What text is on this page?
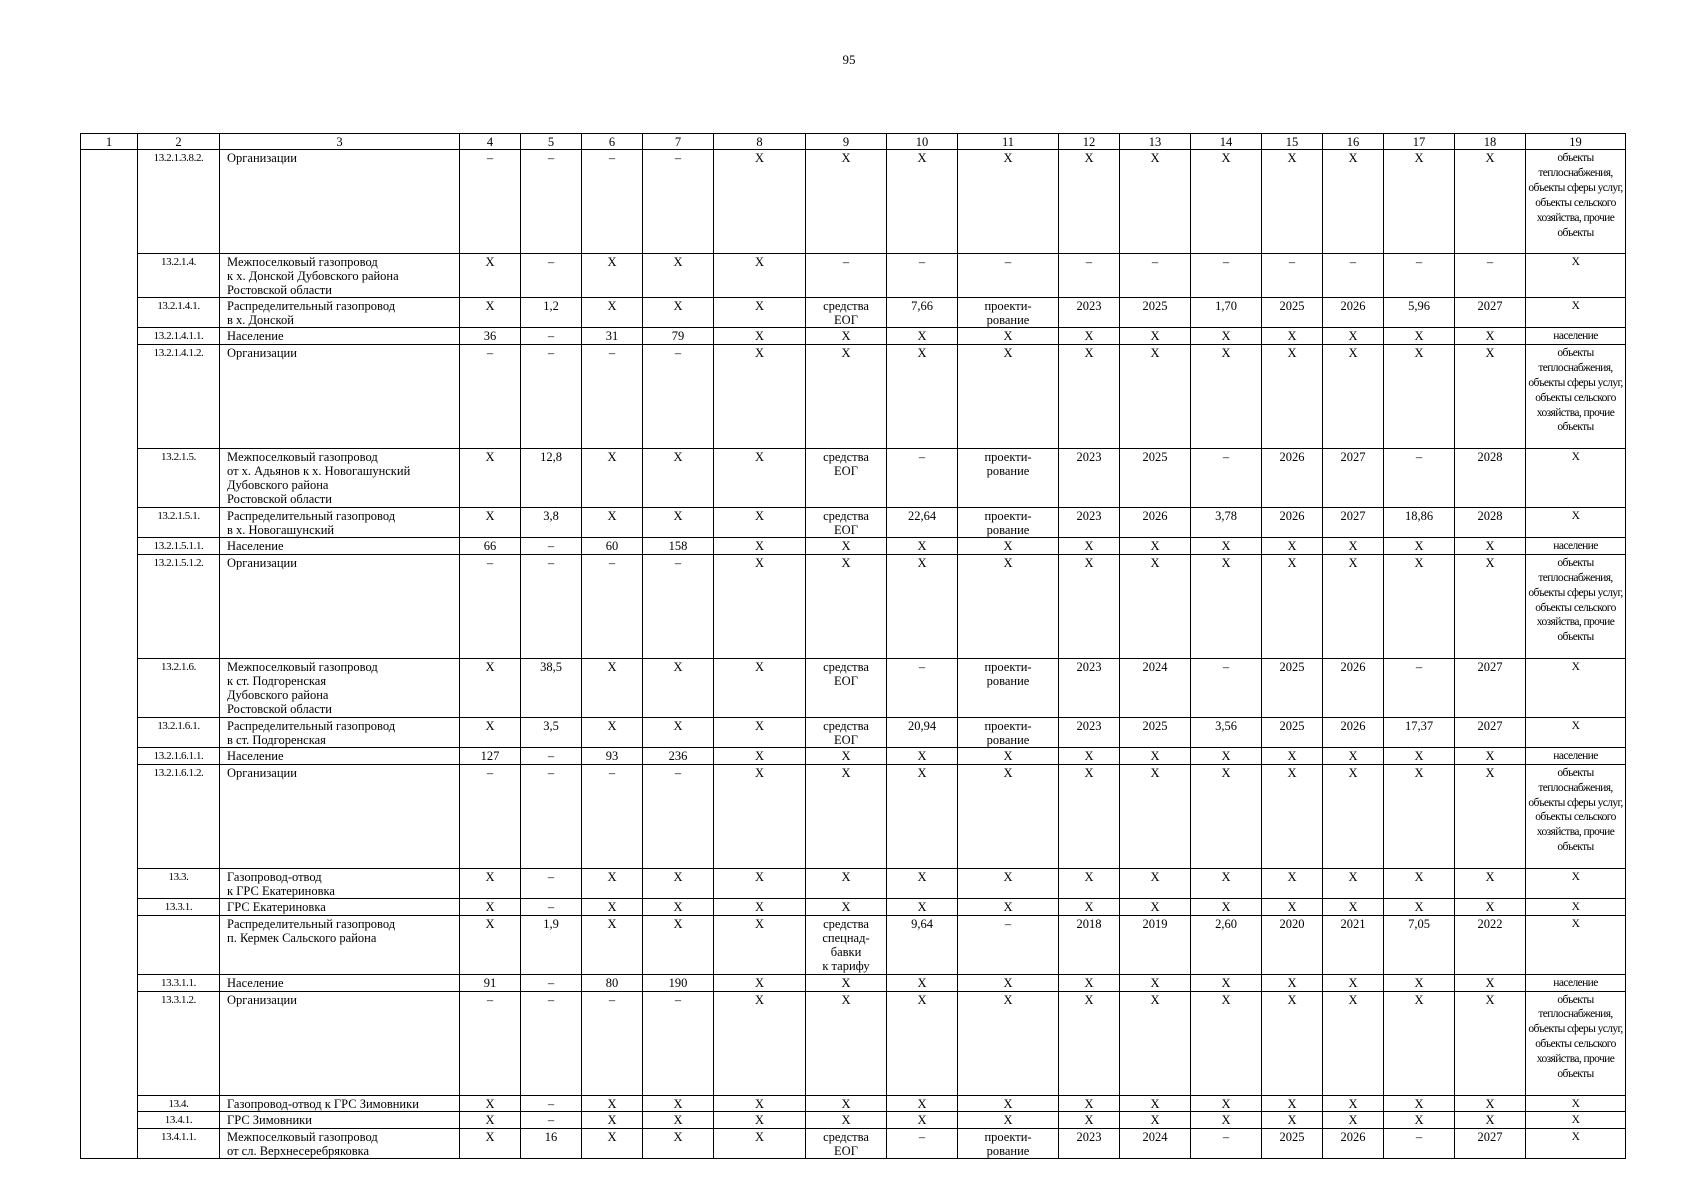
95
1	2	3	4	5	6	7	8	9	10	11	12	13	14	15	16	17	18	19
	13.2.1.3.8.2.	Организации	–	–	–	–	X	X	X	X	X	X	X	X	X	X	X	объекты теплоснабжения, объекты сферы услуг, объекты сельского хозяйства, прочие объекты
	13.2.1.4.	Межпоселковый газопровод
к х. Донской Дубовского района
Ростовской области	X	–	X	X	X	–	–	–	–	–	–	–	–	–	–	X
	13.2.1.4.1.	Распределительный газопровод
в х. Донской	X	1,2	X	X	X	средства
ЕОГ	7,66	проекти-
рование	2023	2025	1,70	2025	2026	5,96	2027	X
	13.2.1.4.1.1.	Население	36	–	31	79	X	X	X	X	X	X	X	X	X	X	X	население
	13.2.1.4.1.2.	Организации	–	–	–	–	X	X	X	X	X	X	X	X	X	X	X	объекты теплоснабжения, объекты сферы услуг, объекты сельского хозяйства, прочие объекты
	13.2.1.5.	Межпоселковый газопровод
от х. Адьянов к х. Новогашунский
Дубовского района
Ростовской области	X	12,8	X	X	X	средства
ЕОГ	–	проекти-
рование	2023	2025	–	2026	2027	–	2028	X
	13.2.1.5.1.	Распределительный газопровод
в х. Новогашунский	X	3,8	X	X	X	средства
ЕОГ	22,64	проекти-
рование	2023	2026	3,78	2026	2027	18,86	2028	X
	13.2.1.5.1.1.	Население	66	–	60	158	X	X	X	X	X	X	X	X	X	X	X	население
	13.2.1.5.1.2.	Организации	–	–	–	–	X	X	X	X	X	X	X	X	X	X	X	объекты теплоснабжения, объекты сферы услуг, объекты сельского хозяйства, прочие объекты
	13.2.1.6.	Межпоселковый газопровод
к ст. Подгоренская
Дубовского района
Ростовской области	X	38,5	X	X	X	средства
ЕОГ	–	проекти-
рование	2023	2024	–	2025	2026	–	2027	X
	13.2.1.6.1.	Распределительный газопровод
в ст. Подгоренская	X	3,5	X	X	X	средства
ЕОГ	20,94	проекти-
рование	2023	2025	3,56	2025	2026	17,37	2027	X
	13.2.1.6.1.1.	Население	127	–	93	236	X	X	X	X	X	X	X	X	X	X	X	население
	13.2.1.6.1.2.	Организации	–	–	–	–	X	X	X	X	X	X	X	X	X	X	X	объекты теплоснабжения, объекты сферы услуг, объекты сельского хозяйства, прочие объекты
	13.3.	Газопровод-отвод
к ГРС Екатериновка	X	–	X	X	X	X	X	X	X	X	X	X	X	X	X	X
	13.3.1.	ГРС Екатериновка	X	–	X	X	X	X	X	X	X	X	X	X	X	X	X	X
		Распределительный газопровод
п. Кермек Сальского района	X	1,9	X	X	X	средства
спецнад-
бавки
к тарифу	9,64	–	2018	2019	2,60	2020	2021	7,05	2022	X
	13.3.1.1.	Население	91	–	80	190	X	X	X	X	X	X	X	X	X	X	X	население
	13.3.1.2.	Организации	–	–	–	–	X	X	X	X	X	X	X	X	X	X	X	объекты теплоснабжения, объекты сферы услуг, объекты сельского хозяйства, прочие объекты
	13.4.	Газопровод-отвод к ГРС Зимовники	X	–	X	X	X	X	X	X	X	X	X	X	X	X	X	X
	13.4.1.	ГРС Зимовники	X	–	X	X	X	X	X	X	X	X	X	X	X	X	X	X
	13.4.1.1.	Межпоселковый газопровод
от сл. Верхнесеребряковка	X	16	X	X	X	средства
ЕОГ	–	проекти-
рование	2023	2024	–	2025	2026	–	2027	X
